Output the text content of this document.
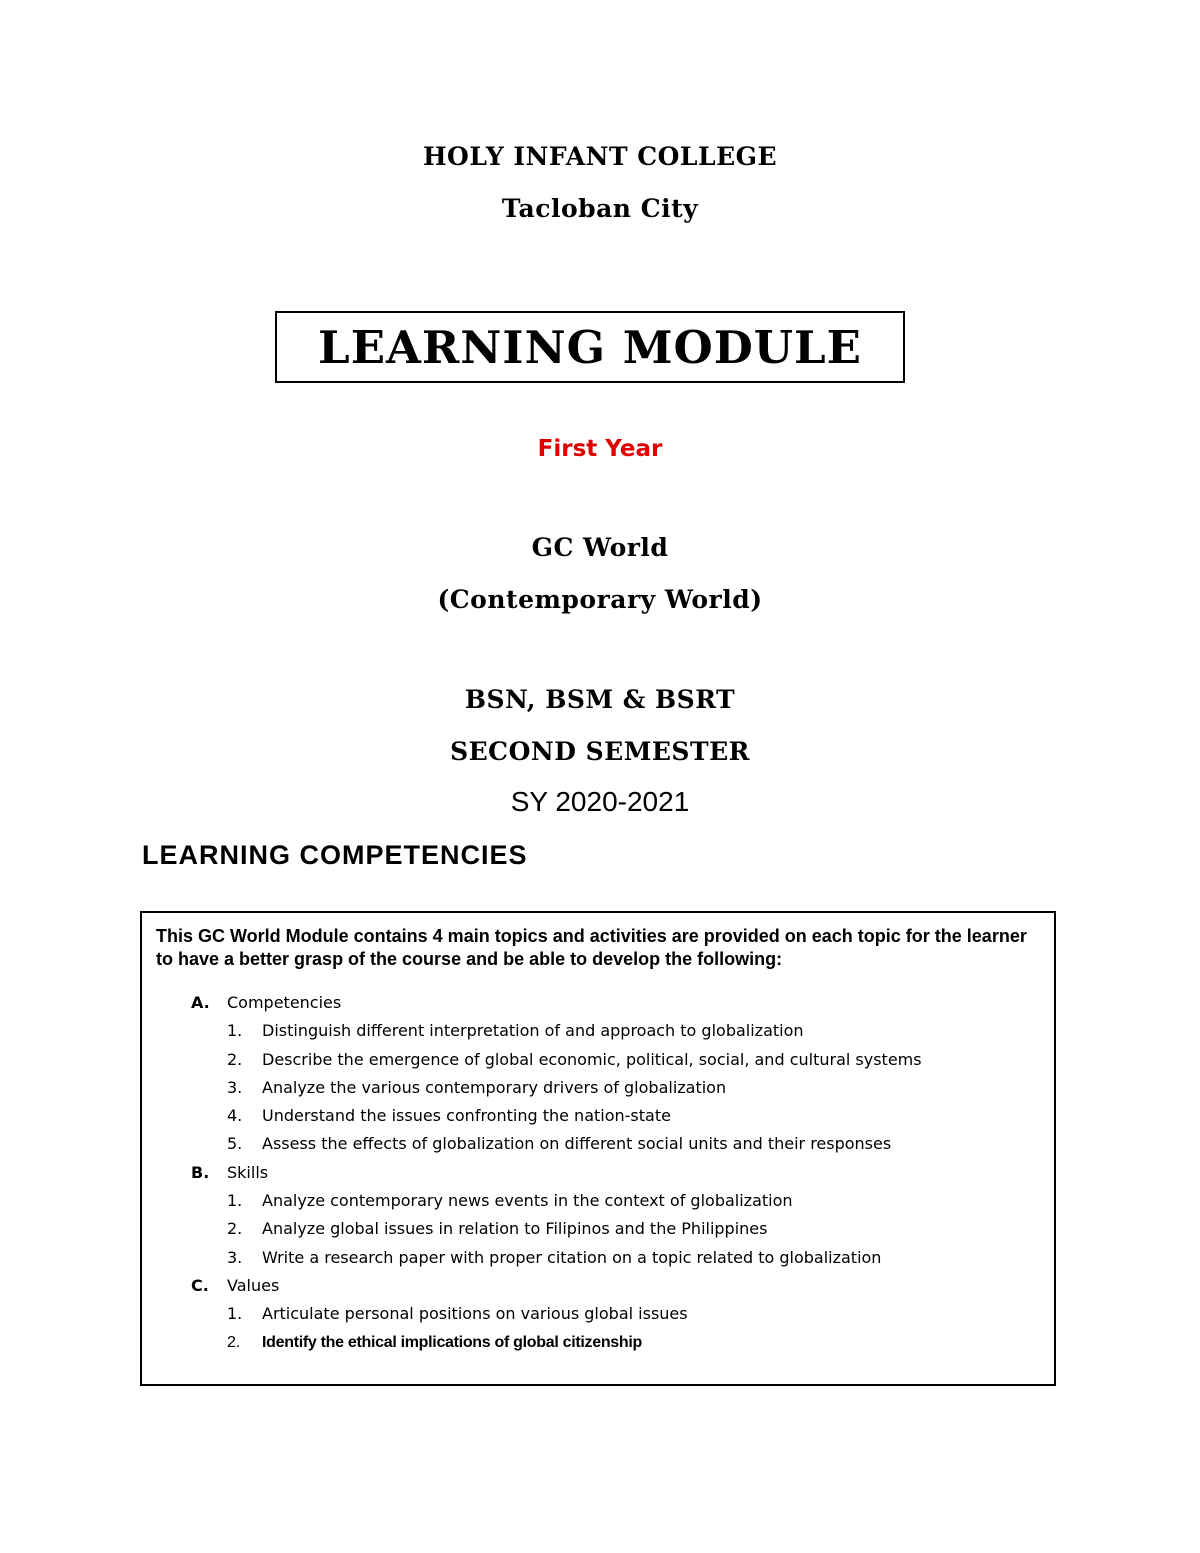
HOLY INFANT COLLEGE
Tacloban City
LEARNING MODULE
First Year
GC World
(Contemporary World)
BSN, BSM & BSRT
SECOND SEMESTER
SY 2020-2021
LEARNING COMPETENCIES
This GC World Module contains 4 main topics and activities are provided on each topic for the learner to have a better grasp of the course and be able to develop the following:
A. Competencies
1. Distinguish different interpretation of and approach to globalization
2. Describe the emergence of global economic, political, social, and cultural systems
3. Analyze the various contemporary drivers of globalization
4. Understand the issues confronting the nation-state
5. Assess the effects of globalization on different social units and their responses
B. Skills
1. Analyze contemporary news events in the context of globalization
2. Analyze global issues in relation to Filipinos and the Philippines
3. Write a research paper with proper citation on a topic related to globalization
C. Values
1. Articulate personal positions on various global issues
2. Identify the ethical implications of global citizenship
